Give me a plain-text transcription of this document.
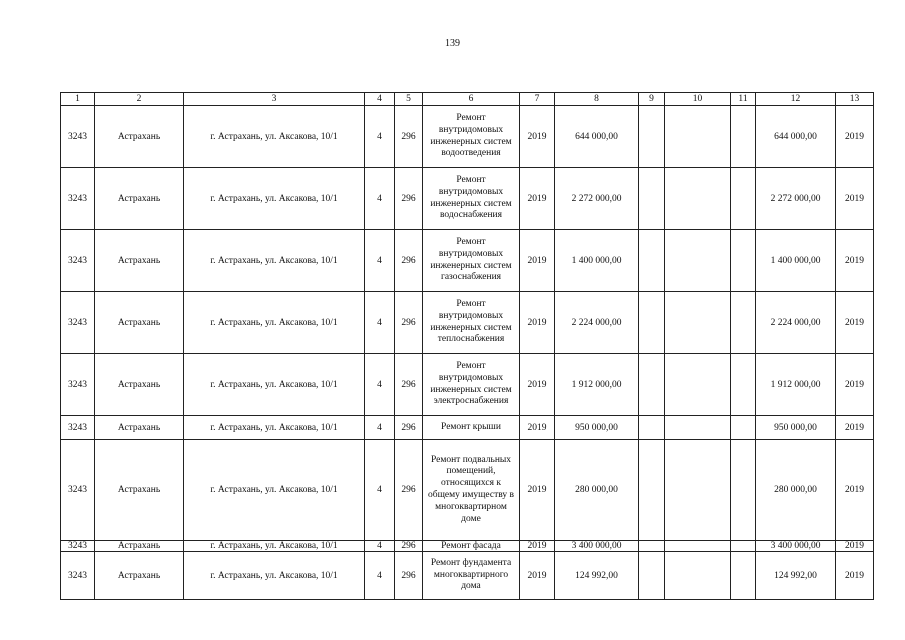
139
1	2	3	4	5	6	7	8	9	10	11	12	13
3243	Астрахань	г. Астрахань, ул. Аксакова, 10/1	4	296	Ремонт внутридомовых инженерных систем водоотведения	2019	644 000,00				644 000,00	2019
3243	Астрахань	г. Астрахань, ул. Аксакова, 10/1	4	296	Ремонт внутридомовых инженерных систем водоснабжения	2019	2 272 000,00				2 272 000,00	2019
3243	Астрахань	г. Астрахань, ул. Аксакова, 10/1	4	296	Ремонт внутридомовых инженерных систем газоснабжения	2019	1 400 000,00				1 400 000,00	2019
3243	Астрахань	г. Астрахань, ул. Аксакова, 10/1	4	296	Ремонт внутридомовых инженерных систем теплоснабжения	2019	2 224 000,00				2 224 000,00	2019
3243	Астрахань	г. Астрахань, ул. Аксакова, 10/1	4	296	Ремонт внутридомовых инженерных систем электроснабжения	2019	1 912 000,00				1 912 000,00	2019
3243	Астрахань	г. Астрахань, ул. Аксакова, 10/1	4	296	Ремонт крыши	2019	950 000,00				950 000,00	2019
3243	Астрахань	г. Астрахань, ул. Аксакова, 10/1	4	296	Ремонт подвальных помещений, относящихся к общему имуществу в многоквартирном доме	2019	280 000,00				280 000,00	2019
3243	Астрахань	г. Астрахань, ул. Аксакова, 10/1	4	296	Ремонт фасада	2019	3 400 000,00				3 400 000,00	2019
3243	Астрахань	г. Астрахань, ул. Аксакова, 10/1	4	296	Ремонт фундамента многоквартирного дома	2019	124 992,00				124 992,00	2019
